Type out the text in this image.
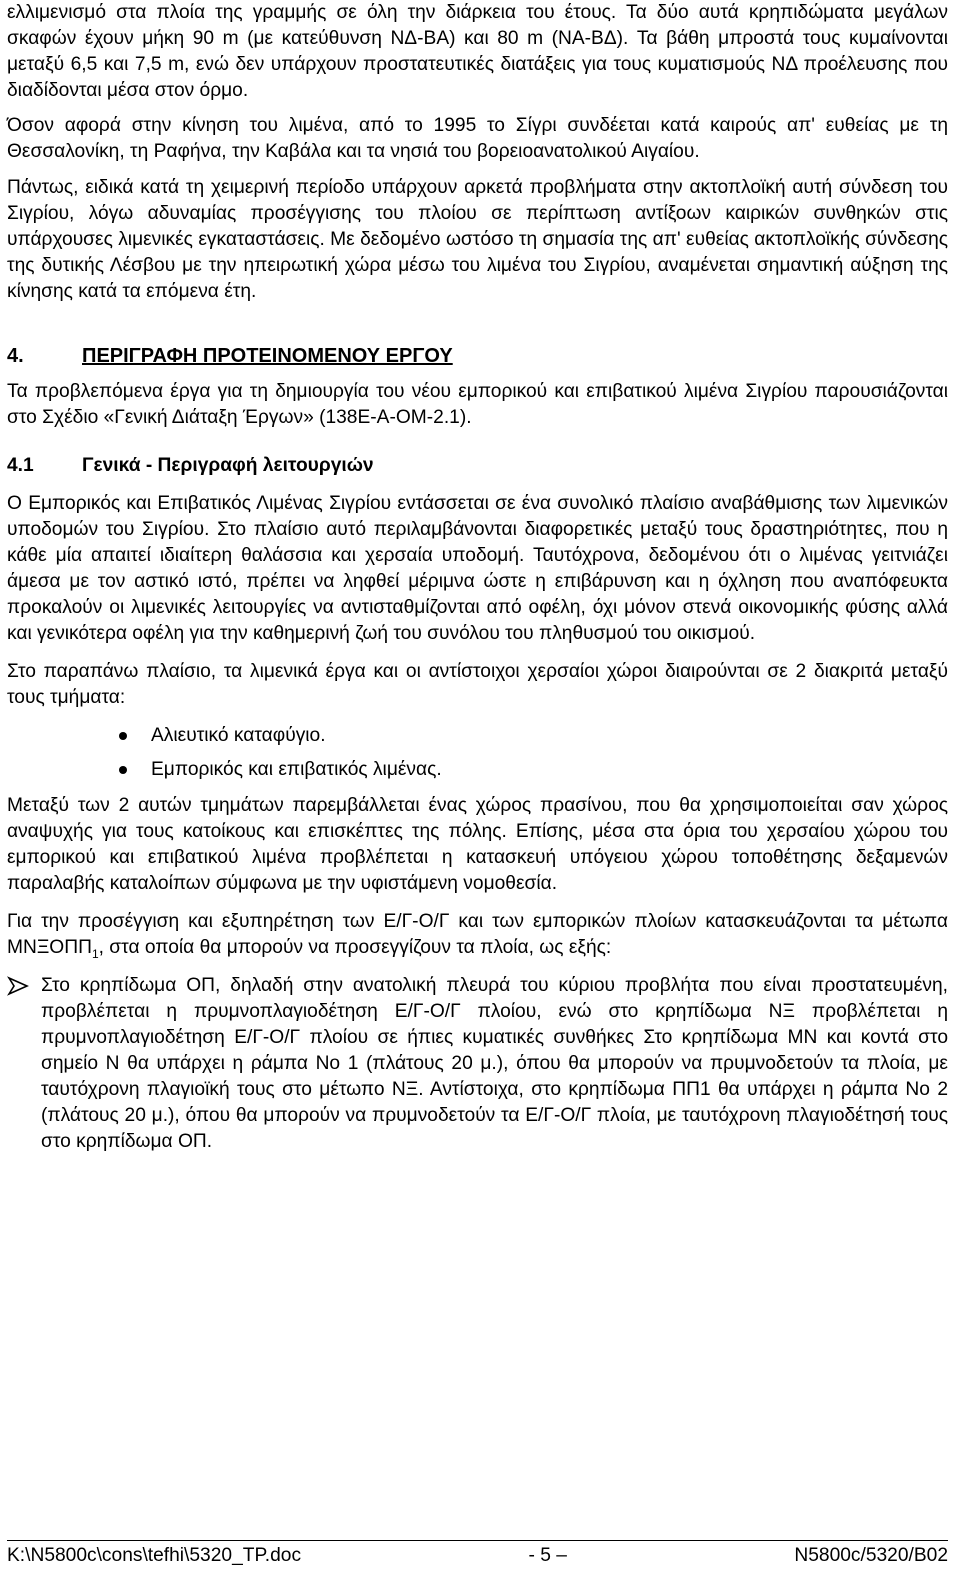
ελλιμενισμό στα πλοία της γραμμής σε όλη την διάρκεια του έτους. Τα δύο αυτά κρηπιδώματα μεγάλων σκαφών έχουν μήκη 90 m (με κατεύθυνση ΝΔ-ΒΑ) και 80 m (ΝΑ-ΒΔ). Τα βάθη μπροστά τους κυμαίνονται μεταξύ 6,5 και 7,5 m, ενώ δεν υπάρχουν προστατευτικές διατάξεις για τους κυματισμούς ΝΔ προέλευσης που διαδίδονται μέσα στον όρμο.

Όσον αφορά στην κίνηση του λιμένα, από το 1995 το Σίγρι συνδέεται κατά καιρούς απ' ευθείας με τη Θεσσαλονίκη, τη Ραφήνα, την Καβάλα και τα νησιά του βορειοανατολικού Αιγαίου.

Πάντως, ειδικά κατά τη χειμερινή περίοδο υπάρχουν αρκετά προβλήματα στην ακτοπλοϊκή αυτή σύνδεση του Σιγρίου, λόγω αδυναμίας προσέγγισης του πλοίου σε περίπτωση αντίξοων καιρικών συνθηκών στις υπάρχουσες λιμενικές εγκαταστάσεις. Με δεδομένο ωστόσο τη σημασία της απ' ευθείας ακτοπλοϊκής σύνδεσης της δυτικής Λέσβου με την ηπειρωτική χώρα μέσω του λιμένα του Σιγρίου, αναμένεται σημαντική αύξηση της κίνησης κατά τα επόμενα έτη.

4.	ΠΕΡΙΓΡΑΦΗ ΠΡΟΤΕΙΝΟΜΕΝΟΥ ΕΡΓΟΥ

Τα προβλεπόμενα έργα για τη δημιουργία του νέου εμπορικού και επιβατικού λιμένα Σιγρίου παρουσιάζονται στο Σχέδιο «Γενική Διάταξη Έργων» (138Ε-Α-ΟΜ-2.1).

4.1	Γενικά - Περιγραφή λειτουργιών

Ο Εμπορικός και Επιβατικός Λιμένας Σιγρίου εντάσσεται σε ένα συνολικό πλαίσιο αναβάθμισης των λιμενικών υποδομών του Σιγρίου. Στο πλαίσιο αυτό περιλαμβάνονται διαφορετικές μεταξύ τους δραστηριότητες, που η κάθε μία απαιτεί ιδιαίτερη θαλάσσια και χερσαία υποδομή. Ταυτόχρονα, δεδομένου ότι ο λιμένας γειτνιάζει άμεσα με τον αστικό ιστό, πρέπει να ληφθεί μέριμνα ώστε η επιβάρυνση και η όχληση που αναπόφευκτα προκαλούν οι λιμενικές λειτουργίες να αντισταθμίζονται από οφέλη, όχι μόνον στενά οικονομικής φύσης αλλά και γενικότερα οφέλη για την καθημερινή ζωή του συνόλου του πληθυσμού του οικισμού.

Στο παραπάνω πλαίσιο, τα λιμενικά έργα και οι αντίστοιχοι χερσαίοι χώροι διαιρούνται σε 2 διακριτά μεταξύ τους τμήματα:

Αλιευτικό καταφύγιο.
Εμπορικός και επιβατικός λιμένας.

Μεταξύ των 2 αυτών τμημάτων παρεμβάλλεται ένας χώρος πρασίνου, που θα χρησιμοποιείται σαν χώρος αναψυχής για τους κατοίκους και επισκέπτες της πόλης. Επίσης, μέσα στα όρια του χερσαίου χώρου του εμπορικού και επιβατικού λιμένα προβλέπεται η κατασκευή υπόγειου χώρου τοποθέτησης δεξαμενών παραλαβής καταλοίπων σύμφωνα με την υφιστάμενη νομοθεσία.

Για την προσέγγιση και εξυπηρέτηση των Ε/Γ-Ο/Γ και των εμπορικών πλοίων κατασκευάζονται τα μέτωπα $MN\Xi O\Pi\Pi_1$, στα οποία θα μπορούν να προσεγγίζουν τα πλοία, ως εξής:

Στο κρηπίδωμα ΟΠ, δηλαδή στην ανατολική πλευρά του κύριου προβλήτα που είναι προστατευμένη, προβλέπεται η πρυμνοπλαγιοδέτηση Ε/Γ-Ο/Γ πλοίου, ενώ στο κρηπίδωμα ΝΞ προβλέπεται η πρυμνοπλαγιοδέτηση Ε/Γ-Ο/Γ πλοίου σε ήπιες κυματικές συνθήκες Στο κρηπίδωμα ΜΝ και κοντά στο σημείο Ν θα υπάρχει η ράμπα Νο 1 (πλάτους 20 μ.), όπου θα μπορούν να πρυμνοδετούν τα πλοία, με ταυτόχρονη πλαγιοϊκή τους στο μέτωπο ΝΞ. Αντίστοιχα, στο κρηπίδωμα ΠΠ1 θα υπάρχει η ράμπα Νο 2 (πλάτους 20 μ.), όπου θα μπορούν να πρυμνοδετούν τα Ε/Γ-Ο/Γ πλοία, με ταυτόχρονη πλαγιοδέτησή τους στο κρηπίδωμα ΟΠ.

K:\N5800c\cons\tefhi\5320_TP.doc	- 5 –	N5800c/5320/B02
